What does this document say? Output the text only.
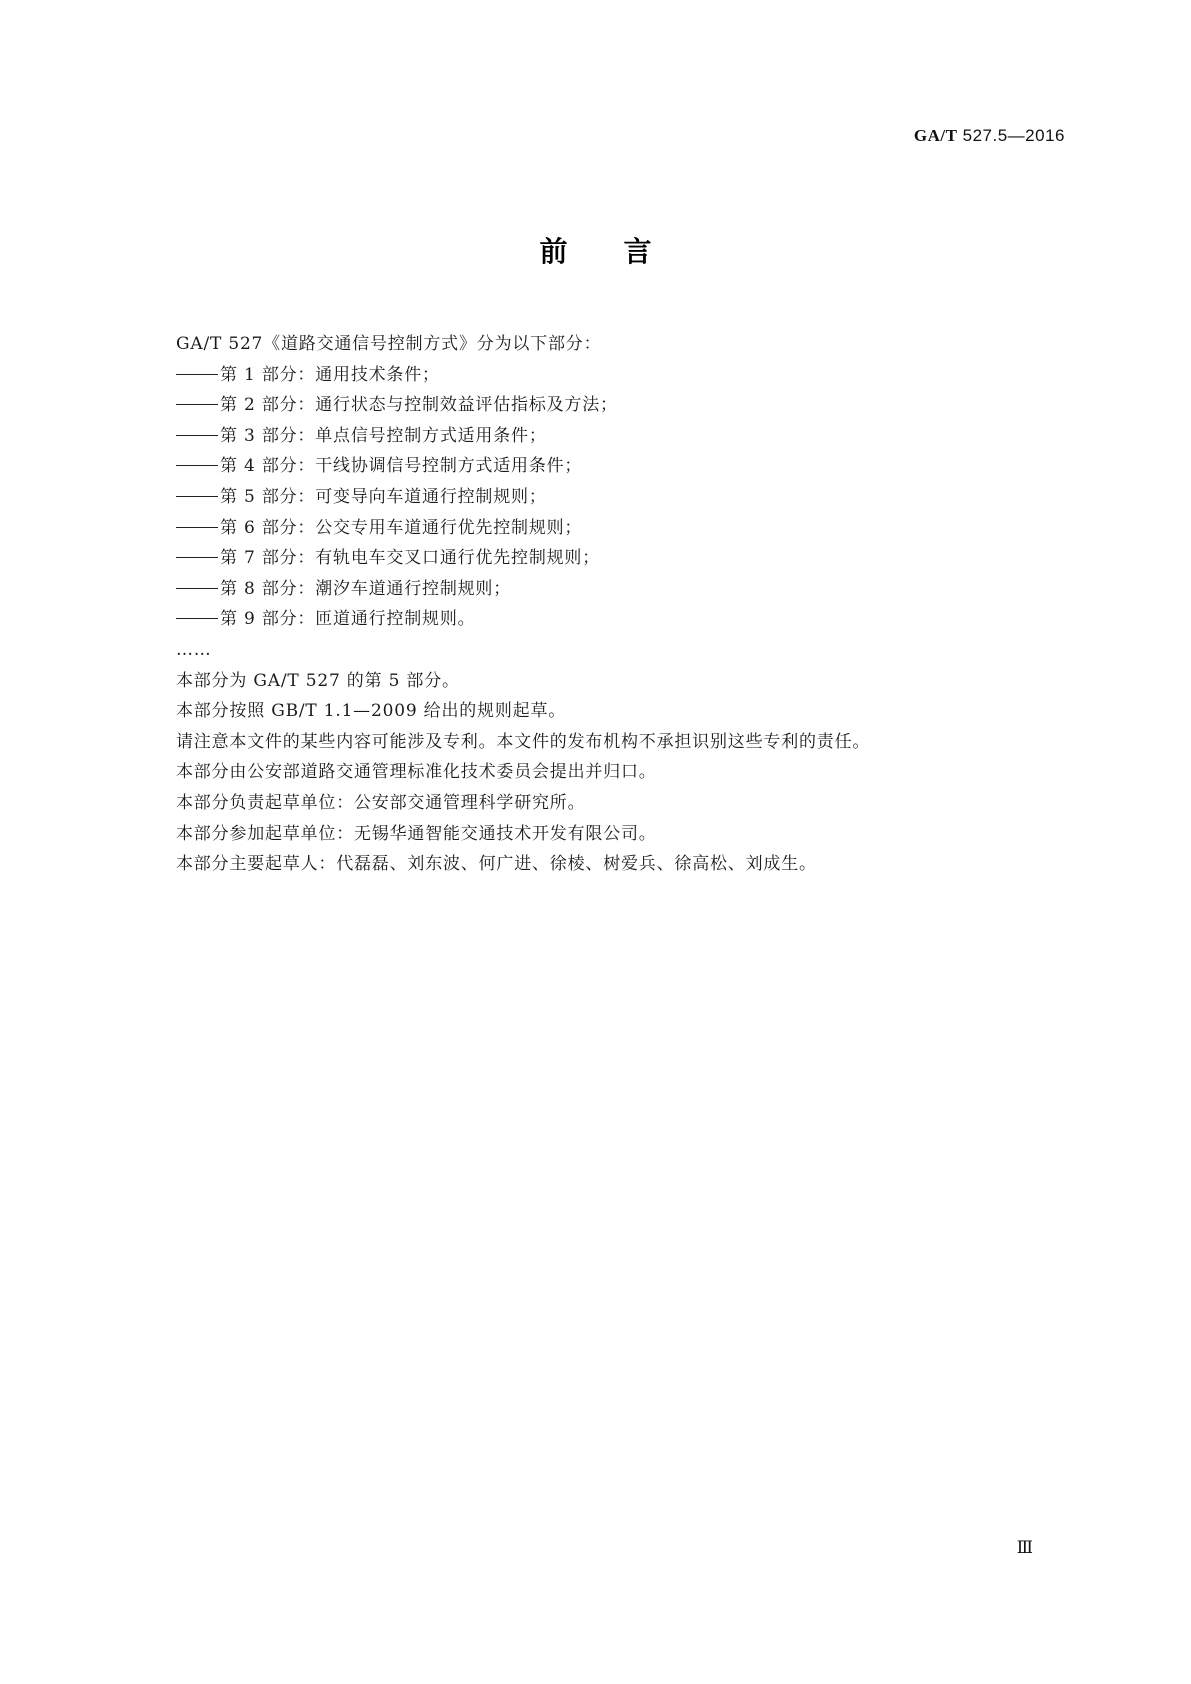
GA/T 527.5—2016
前 言
GA/T 527《道路交通信号控制方式》分为以下部分：
第 1 部分：通用技术条件；
第 2 部分：通行状态与控制效益评估指标及方法；
第 3 部分：单点信号控制方式适用条件；
第 4 部分：干线协调信号控制方式适用条件；
第 5 部分：可变导向车道通行控制规则；
第 6 部分：公交专用车道通行优先控制规则；
第 7 部分：有轨电车交叉口通行优先控制规则；
第 8 部分：潮汐车道通行控制规则；
第 9 部分：匝道通行控制规则。
……
本部分为 GA/T 527 的第 5 部分。
本部分按照 GB/T 1.1—2009 给出的规则起草。
请注意本文件的某些内容可能涉及专利。本文件的发布机构不承担识别这些专利的责任。
本部分由公安部道路交通管理标准化技术委员会提出并归口。
本部分负责起草单位：公安部交通管理科学研究所。
本部分参加起草单位：无锡华通智能交通技术开发有限公司。
本部分主要起草人：代磊磊、刘东波、何广进、徐棱、树爱兵、徐高松、刘成生。
Ⅲ
